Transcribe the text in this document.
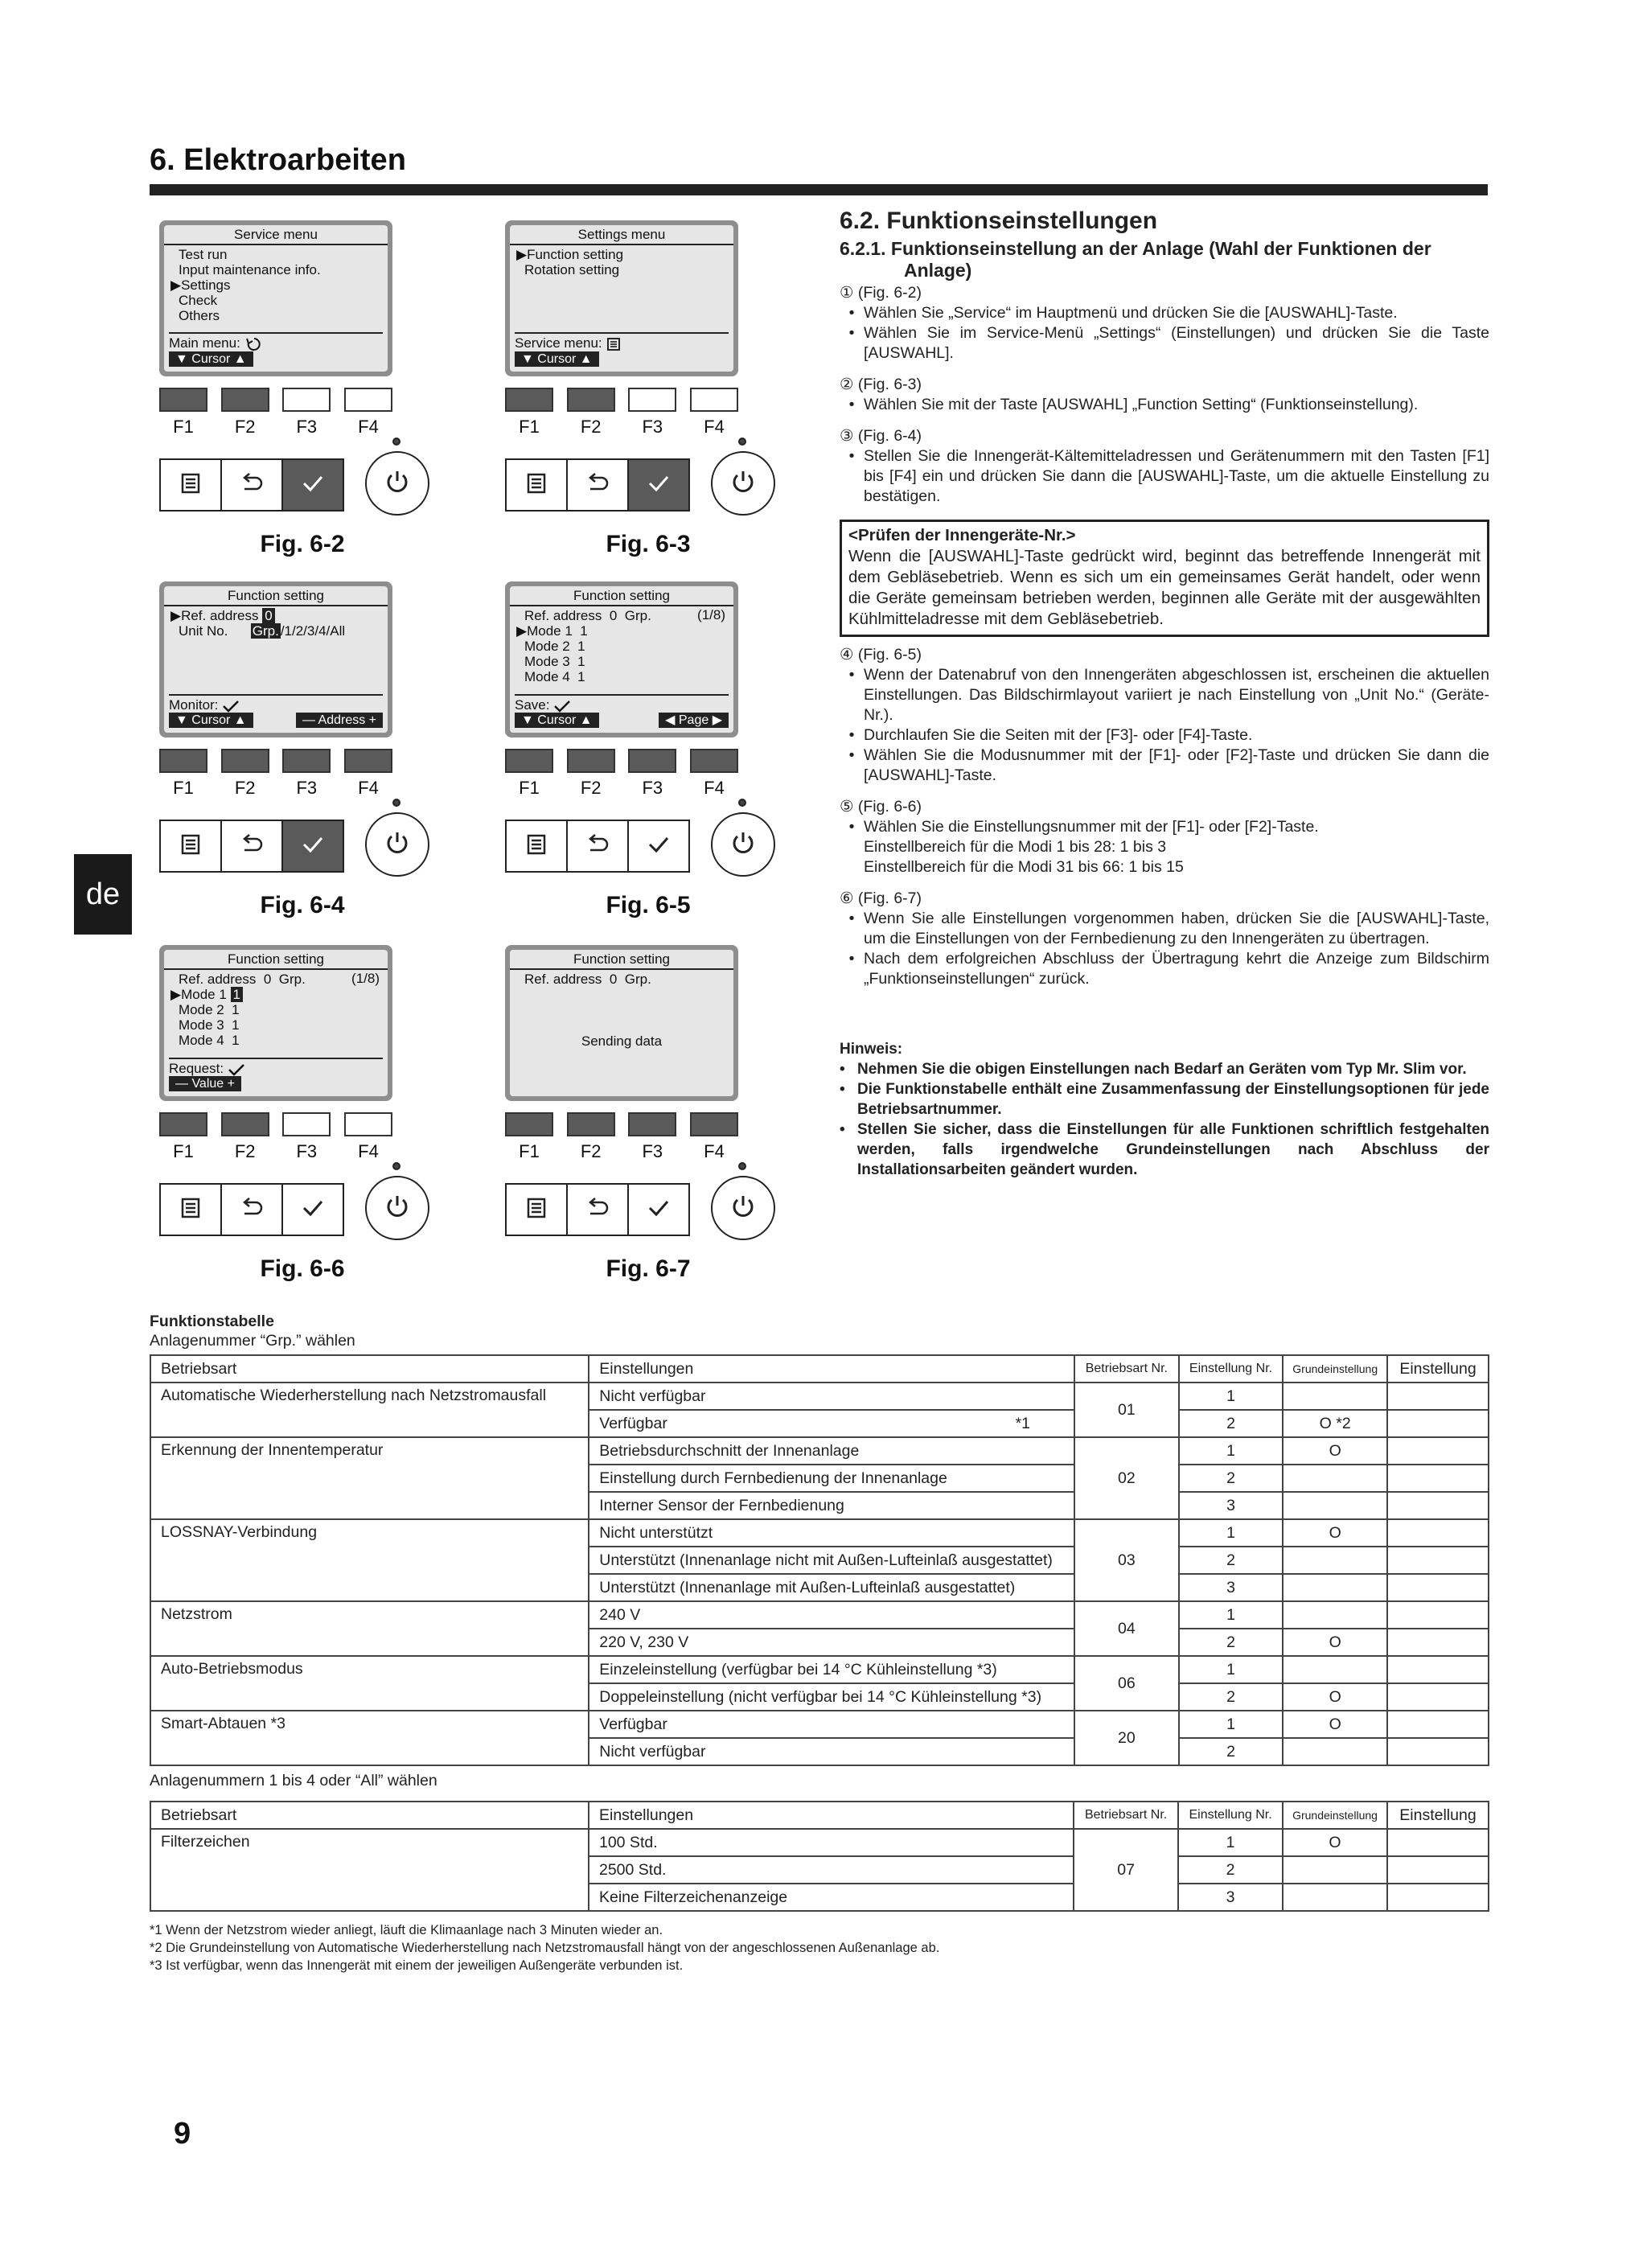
6. Elektroarbeiten
de
9
Service menu
Test run
Input maintenance info.
▶Settings
Check
Others
Main menu:
▼ Cursor ▲
F1	F2	F3	F4
Fig. 6-2
Settings menu
▶Function setting
Rotation setting
Service menu:
▼ Cursor ▲
F1	F2	F3	F4
Fig. 6-3
Function setting
▶Ref. address 0
Unit No. Grp. /1/2/3/4/All
Monitor:
▼ Cursor ▲	— Address +
F1	F2	F3	F4
Fig. 6-4
Function setting
Ref. address 0 Grp.	(1/8)
▶Mode 1  1
Mode 2  1
Mode 3  1
Mode 4  1
Save:
▼ Cursor ▲	◀ Page ▶
F1	F2	F3	F4
Fig. 6-5
Function setting
Ref. address 0 Grp.	(1/8)
▶Mode 1 1
Mode 2  1
Mode 3  1
Mode 4  1
Request:
— Value +
F1	F2	F3	F4
Fig. 6-6
Function setting
Ref. address 0 Grp.
Sending data
F1	F2	F3	F4
Fig. 6-7
6.2. Funktionseinstellungen
6.2.1. Funktionseinstellung an der Anlage (Wahl der Funktionen der Anlage)
① (Fig. 6-2)
• Wählen Sie „Service“ im Hauptmenü und drücken Sie die [AUSWAHL]-Taste.
• Wählen Sie im Service-Menü „Settings“ (Einstellungen) und drücken Sie die Taste [AUSWAHL].
② (Fig. 6-3)
• Wählen Sie mit der Taste [AUSWAHL] „Function Setting“ (Funktionseinstellung).
③ (Fig. 6-4)
• Stellen Sie die Innengerät-Kältemitteladressen und Gerätenummern mit den Tasten [F1] bis [F4] ein und drücken Sie dann die [AUSWAHL]-Taste, um die aktuelle Einstellung zu bestätigen.
<Prüfen der Innengeräte-Nr.>
Wenn die [AUSWAHL]-Taste gedrückt wird, beginnt das betreffende Innengerät mit dem Gebläsebetrieb. Wenn es sich um ein gemeinsames Gerät handelt, oder wenn die Geräte gemeinsam betrieben werden, beginnen alle Geräte mit der ausgewählten Kühlmitteladresse mit dem Gebläsebetrieb.
④ (Fig. 6-5)
• Wenn der Datenabruf von den Innengeräten abgeschlossen ist, erscheinen die aktuellen Einstellungen. Das Bildschirmlayout variiert je nach Einstellung von „Unit No.“ (Geräte-Nr.).
• Durchlaufen Sie die Seiten mit der [F3]- oder [F4]-Taste.
• Wählen Sie die Modusnummer mit der [F1]- oder [F2]-Taste und drücken Sie dann die [AUSWAHL]-Taste.
⑤ (Fig. 6-6)
• Wählen Sie die Einstellungsnummer mit der [F1]- oder [F2]-Taste.
Einstellbereich für die Modi 1 bis 28: 1 bis 3
Einstellbereich für die Modi 31 bis 66: 1 bis 15
⑥ (Fig. 6-7)
• Wenn Sie alle Einstellungen vorgenommen haben, drücken Sie die [AUSWAHL]-Taste, um die Einstellungen von der Fernbedienung zu den Innengeräten zu übertragen.
• Nach dem erfolgreichen Abschluss der Übertragung kehrt die Anzeige zum Bildschirm „Funktionseinstellungen“ zurück.
Hinweis:
• Nehmen Sie die obigen Einstellungen nach Bedarf an Geräten vom Typ Mr. Slim vor.
• Die Funktionstabelle enthält eine Zusammenfassung der Einstellungsoptionen für jede Betriebsartnummer.
• Stellen Sie sicher, dass die Einstellungen für alle Funktionen schriftlich festgehalten werden, falls irgendwelche Grundeinstellungen nach Abschluss der Installationsarbeiten geändert wurden.
Funktionstabelle
Anlagenummer “Grp.” wählen
Betriebsart	Einstellungen	Betriebsart Nr.	Einstellung Nr.	Grundeinstellung	Einstellung
Automatische Wiederherstellung nach Netzstromausfall	Nicht verfügbar	01	1		
	Verfügbar *1		2	O *2	
Erkennung der Innentemperatur	Betriebsdurchschnitt der Innenanlage	02	1	O	
	Einstellung durch Fernbedienung der Innenanlage		2		
	Interner Sensor der Fernbedienung		3		
LOSSNAY-Verbindung	Nicht unterstützt	03	1	O	
	Unterstützt (Innenanlage nicht mit Außen-Lufteinlaß ausgestattet)		2		
	Unterstützt (Innenanlage mit Außen-Lufteinlaß ausgestattet)		3		
Netzstrom	240 V	04	1		
	220 V, 230 V		2	O	
Auto-Betriebsmodus	Einzeleinstellung (verfügbar bei 14 °C Kühleinstellung *3)	06	1		
	Doppeleinstellung (nicht verfügbar bei 14 °C Kühleinstellung *3)		2	O	
Smart-Abtauen *3	Verfügbar	20	1	O	
	Nicht verfügbar		2		
Anlagenummern 1 bis 4 oder “All” wählen
Betriebsart	Einstellungen	Betriebsart Nr.	Einstellung Nr.	Grundeinstellung	Einstellung
Filterzeichen	100 Std.	07	1	O	
	2500 Std.		2		
	Keine Filterzeichenanzeige		3		
*1 Wenn der Netzstrom wieder anliegt, läuft die Klimaanlage nach 3 Minuten wieder an.
*2 Die Grundeinstellung von Automatische Wiederherstellung nach Netzstromausfall hängt von der angeschlossenen Außenanlage ab.
*3 Ist verfügbar, wenn das Innengerät mit einem der jeweiligen Außengeräte verbunden ist.
